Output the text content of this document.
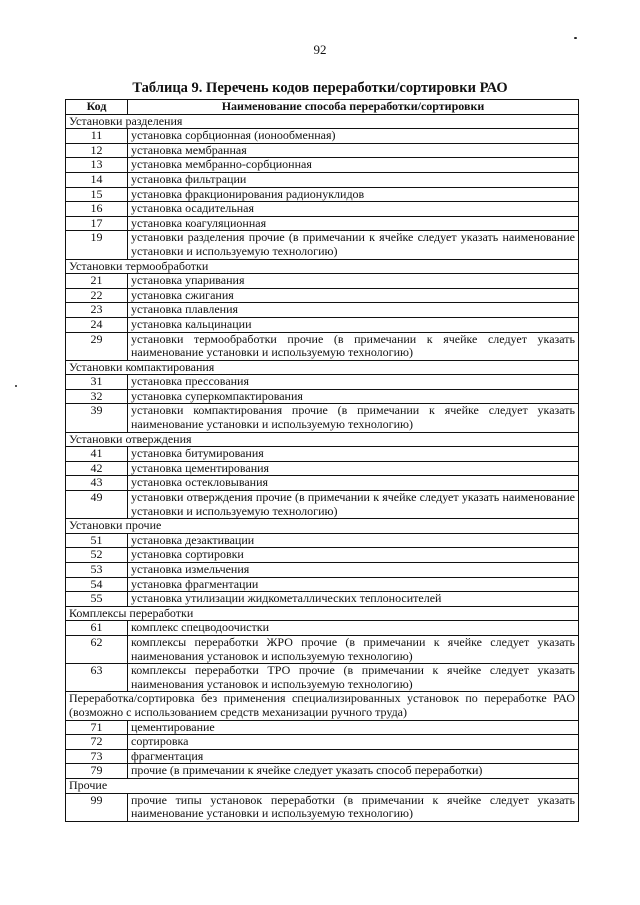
92
Таблица 9. Перечень кодов переработки/сортировки РАО
Код	Наименование способа переработки/сортировки
Установки разделения	
11	установка сорбционная (ионообменная)
12	установка мембранная
13	установка мембранно-сорбционная
14	установка фильтрации
15	установка фракционирования радионуклидов
16	установка осадительная
17	установка коагуляционная
19	установки разделения прочие (в примечании к ячейке следует указать наименование установки и используемую технологию)
Установки термообработки	
21	установка упаривания
22	установка сжигания
23	установка плавления
24	установка кальцинации
29	установки термообработки прочие (в примечании к ячейке следует указать наименование установки и используемую технологию)
Установки компактирования	
31	установка прессования
32	установка суперкомпактирования
39	установки компактирования прочие (в примечании к ячейке следует указать наименование установки и используемую технологию)
Установки отверждения	
41	установка битумирования
42	установка цементирования
43	установка остекловывания
49	установки отверждения прочие (в примечании к ячейке следует указать наименование установки и используемую технологию)
Установки прочие	
51	установка дезактивации
52	установка сортировки
53	установка измельчения
54	установка фрагментации
55	установка утилизации жидкометаллических теплоносителей
Комплексы переработки	
61	комплекс спецводоочистки
62	комплексы переработки ЖРО прочие (в примечании к ячейке следует указать наименования установок и используемую технологию)
63	комплексы переработки ТРО прочие (в примечании к ячейке следует указать наименования установок и используемую технологию)
Переработка/сортировка без применения специализированных установок по переработке РАО (возможно с использованием средств механизации ручного труда)	
71	цементирование
72	сортировка
73	фрагментация
79	прочие (в примечании к ячейке следует указать способ переработки)
Прочие	
99	прочие типы установок переработки (в примечании к ячейке следует указать наименование установки и используемую технологию)
